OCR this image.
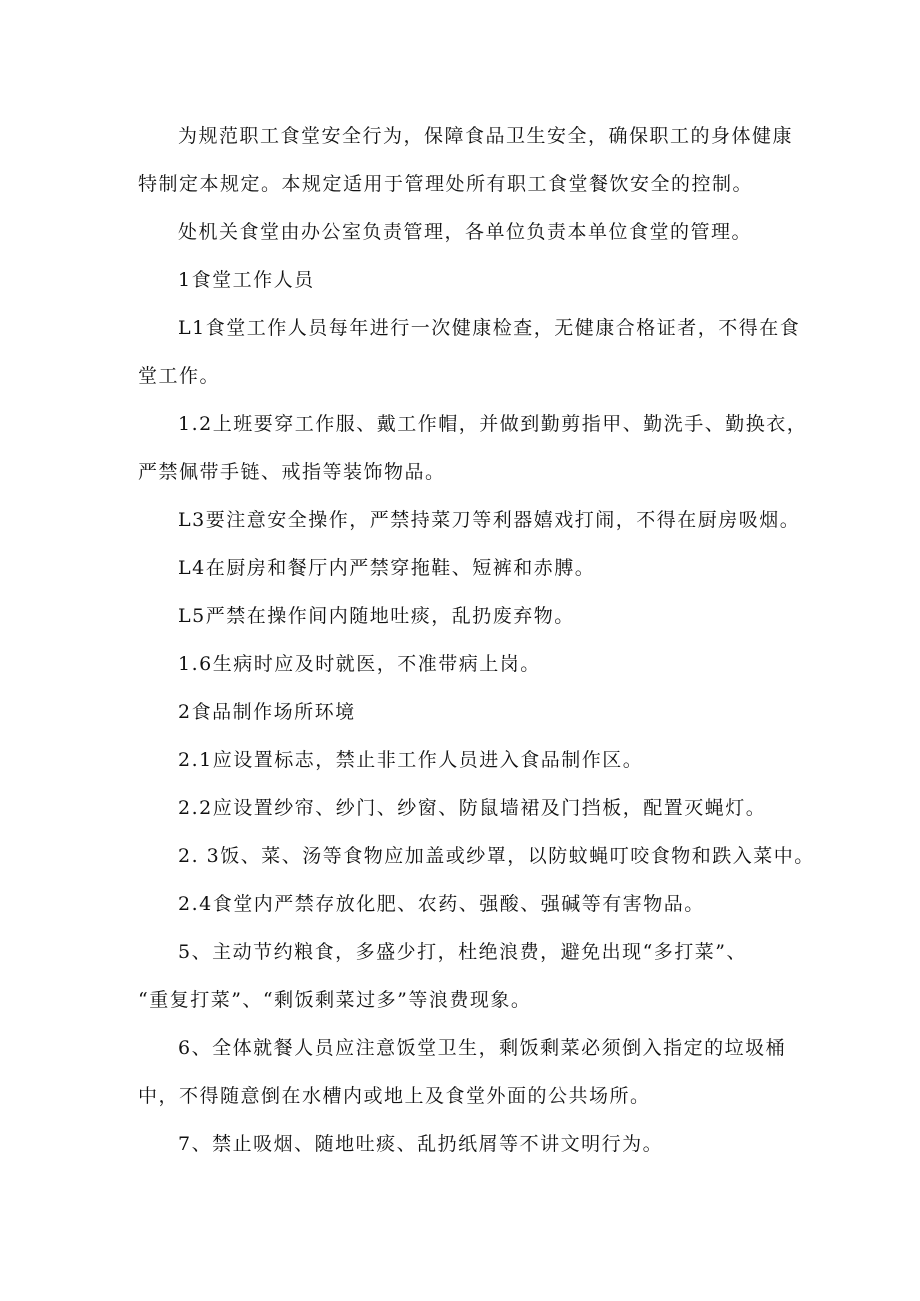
为规范职工食堂安全行为，保障食品卫生安全，确保职工的身体健康
特制定本规定。本规定适用于管理处所有职工食堂餐饮安全的控制。
处机关食堂由办公室负责管理，各单位负责本单位食堂的管理。
1食堂工作人员
L1食堂工作人员每年进行一次健康检查，无健康合格证者，不得在食
堂工作。
1.2上班要穿工作服、戴工作帽，并做到勤剪指甲、勤洗手、勤换衣，
严禁佩带手链、戒指等装饰物品。
L3要注意安全操作，严禁持菜刀等利器嬉戏打闹，不得在厨房吸烟。
L4在厨房和餐厅内严禁穿拖鞋、短裤和赤膊。
L5严禁在操作间内随地吐痰，乱扔废弃物。
1.6生病时应及时就医，不准带病上岗。
2食品制作场所环境
2.1应设置标志，禁止非工作人员进入食品制作区。
2.2应设置纱帘、纱门、纱窗、防鼠墙裙及门挡板，配置灭蝇灯。
2. 3饭、菜、汤等食物应加盖或纱罩，以防蚊蝇叮咬食物和跌入菜中。
2.4食堂内严禁存放化肥、农药、强酸、强碱等有害物品。
5、主动节约粮食，多盛少打，杜绝浪费，避免出现“多打菜”、
“重复打菜”、“剩饭剩菜过多”等浪费现象。
6、全体就餐人员应注意饭堂卫生，剩饭剩菜必须倒入指定的垃圾桶
中，不得随意倒在水槽内或地上及食堂外面的公共场所。
7、禁止吸烟、随地吐痰、乱扔纸屑等不讲文明行为。
